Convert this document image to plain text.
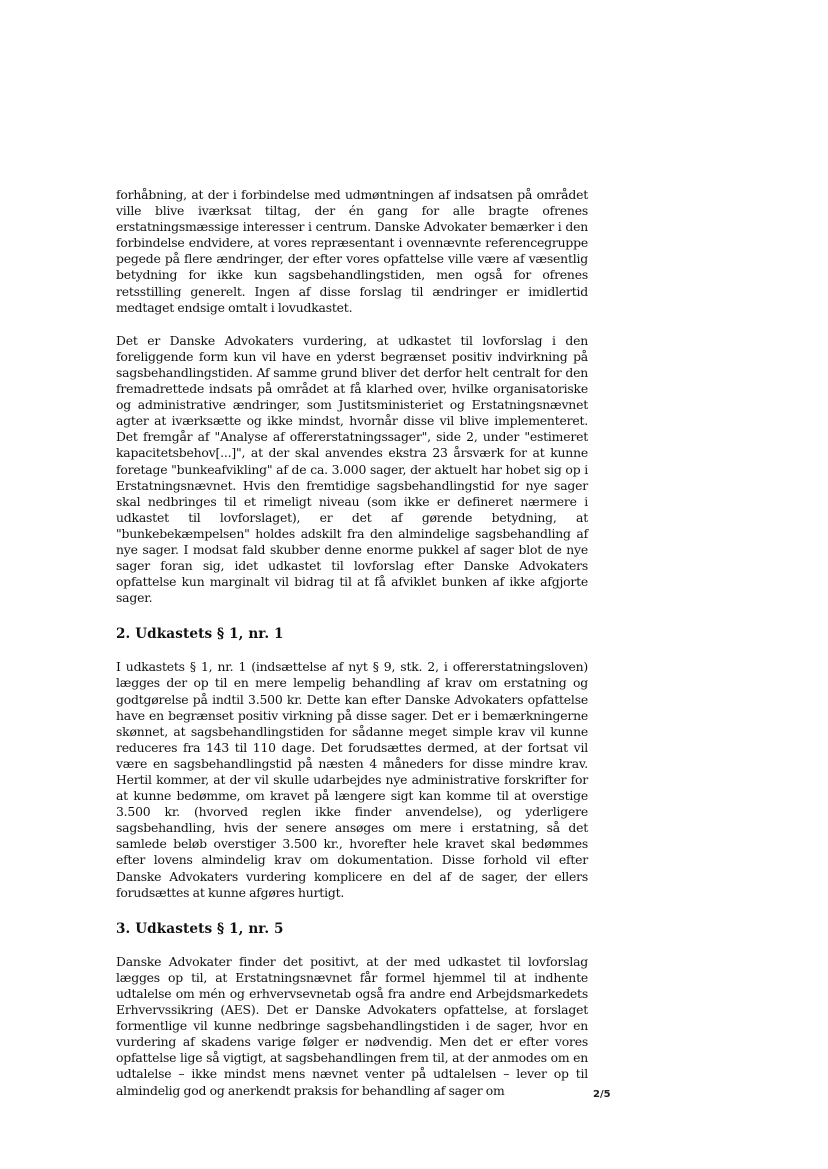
forhåbning, at der i forbindelse med udmøntningen af indsatsen på området ville blive iværksat tiltag, der én gang for alle bragte ofrenes erstatningsmæssige interesser i centrum. Danske Advokater bemærker i den forbindelse endvidere, at vores repræsentant i ovennævnte referencegruppe pegede på flere ændringer, der efter vores opfattelse ville være af væsentlig betydning for ikke kun sagsbehandlingstiden, men også for ofrenes retsstilling generelt. Ingen af disse forslag til ændringer er imidlertid medtaget endsige omtalt i lovudkastet.

Det er Danske Advokaters vurdering, at udkastet til lovforslag i den foreliggende form kun vil have en yderst begrænset positiv indvirkning på sagsbehandlingstiden. Af samme grund bliver det derfor helt centralt for den fremadrettede indsats på området at få klarhed over, hvilke organisatoriske og administrative ændringer, som Justitsministeriet og Erstatningsnævnet agter at iværksætte og ikke mindst, hvornår disse vil blive implementeret. Det fremgår af "Analyse af offererstatningssager", side 2, under "estimeret kapacitetsbehov[...]", at der skal anvendes ekstra 23 årsværk for at kunne foretage "bunkeafvikling" af de ca. 3.000 sager, der aktuelt har hobet sig op i Erstatningsnævnet. Hvis den fremtidige sagsbehandlingstid for nye sager skal nedbringes til et rimeligt niveau (som ikke er defineret nærmere i udkastet til lovforslaget), er det af gørende betydning, at "bunkebekæmpelsen" holdes adskilt fra den almindelige sagsbehandling af nye sager. I modsat fald skubber denne enorme pukkel af sager blot de nye sager foran sig, idet udkastet til lovforslag efter Danske Advokaters opfattelse kun marginalt vil bidrag til at få afviklet bunken af ikke afgjorte sager.

2. Udkastets § 1, nr. 1

I udkastets § 1, nr. 1 (indsættelse af nyt § 9, stk. 2, i offererstatningsloven) lægges der op til en mere lempelig behandling af krav om erstatning og godtgørelse på indtil 3.500 kr. Dette kan efter Danske Advokaters opfattelse have en begrænset positiv virkning på disse sager. Det er i bemærkningerne skønnet, at sagsbehandlingstiden for sådanne meget simple krav vil kunne reduceres fra 143 til 110 dage. Det forudsættes dermed, at der fortsat vil være en sagsbehandlingstid på næsten 4 måneders for disse mindre krav. Hertil kommer, at der vil skulle udarbejdes nye administrative forskrifter for at kunne bedømme, om kravet på længere sigt kan komme til at overstige 3.500 kr. (hvorved reglen ikke finder anvendelse), og yderligere sagsbehandling, hvis der senere ansøges om mere i erstatning, så det samlede beløb overstiger 3.500 kr., hvorefter hele kravet skal bedømmes efter lovens almindelig krav om dokumentation. Disse forhold vil efter Danske Advokaters vurdering komplicere en del af de sager, der ellers forudsættes at kunne afgøres hurtigt.

3. Udkastets § 1, nr. 5

Danske Advokater finder det positivt, at der med udkastet til lovforslag lægges op til, at Erstatningsnævnet får formel hjemmel til at indhente udtalelse om mén og erhvervsevnetab også fra andre end Arbejdsmarkedets Erhvervssikring (AES). Det er Danske Advokaters opfattelse, at forslaget formentlige vil kunne nedbringe sagsbehandlingstiden i de sager, hvor en vurdering af skadens varige følger er nødvendig. Men det er efter vores opfattelse lige så vigtigt, at sagsbehandlingen frem til, at der anmodes om en udtalelse – ikke mindst mens nævnet venter på udtalelsen – lever op til almindelig god og anerkendt praksis for behandling af sager om	2/5
